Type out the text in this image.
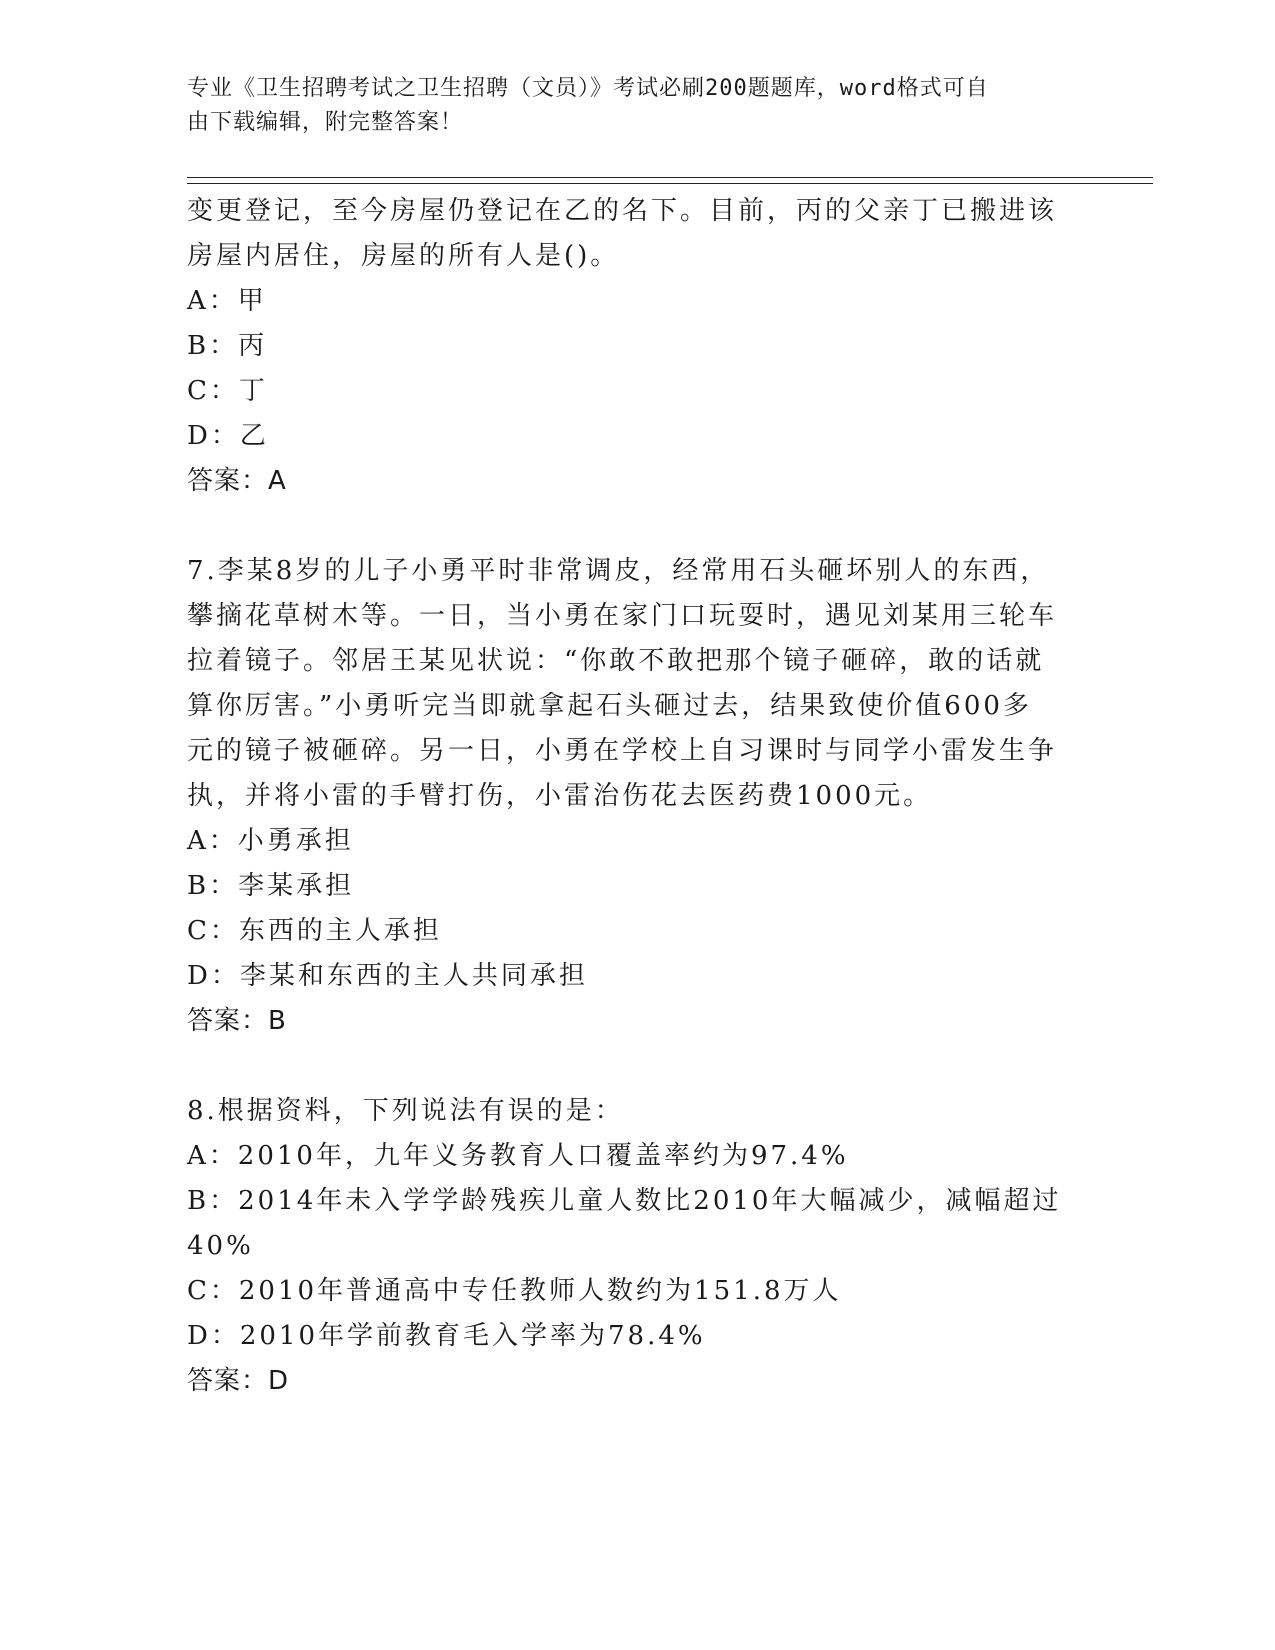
专业《卫生招聘考试之卫生招聘（文员）》考试必刷200题题库，word格式可自
由下载编辑，附完整答案！
变更登记，至今房屋仍登记在乙的名下。目前，丙的父亲丁已搬进该
房屋内居住，房屋的所有人是()。
A：甲
B：丙
C：丁
D：乙
答案：A
7.李某8岁的儿子小勇平时非常调皮，经常用石头砸坏别人的东西，
攀摘花草树木等。一日，当小勇在家门口玩耍时，遇见刘某用三轮车
拉着镜子。邻居王某见状说：“你敢不敢把那个镜子砸碎，敢的话就
算你厉害。”小勇听完当即就拿起石头砸过去，结果致使价值600多
元的镜子被砸碎。另一日，小勇在学校上自习课时与同学小雷发生争
执，并将小雷的手臂打伤，小雷治伤花去医药费1000元。
A：小勇承担
B：李某承担
C：东西的主人承担
D：李某和东西的主人共同承担
答案：B
8.根据资料，下列说法有误的是：
A：2010年，九年义务教育人口覆盖率约为97.4%
B：2014年未入学学龄残疾儿童人数比2010年大幅减少，减幅超过
40%
C：2010年普通高中专任教师人数约为151.8万人
D：2010年学前教育毛入学率为78.4%
答案：D
